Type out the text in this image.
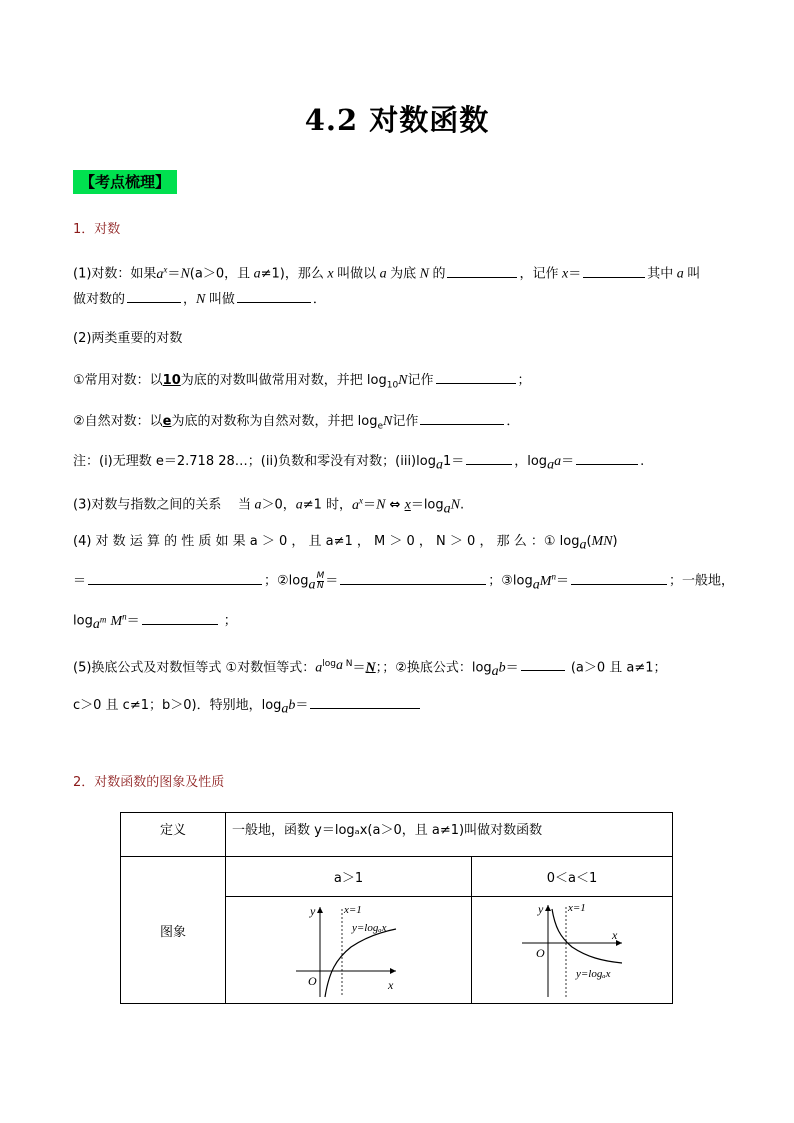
4.2 对数函数
【考点梳理】
1．对数
(1)对数：如果$a^x=N(a>0$，且 a≠1)，那么 x 叫做以 a 为底 N 的	，记作 x＝	其中 a 叫
做对数的	，N 叫做	．
(2)两类重要的对数
①常用对数：以10为底的对数叫做常用对数，并把 $\log_{10}N$记作	；
②自然对数：以e为底的对数称为自然对数，并把 $\log_eN$记作	．
注：(i)无理数 e＝2.718 28…；(ii)负数和零没有对数；$(iii)\log_a1=$	，$\log_aa=$	.
(3)对数与指数之间的关系 当 a＞0，a≠1 时，$a^x=N$ ⇔ $x=\log_aN$.
(4) 对 数 运 算 的 性 质 如 果 a ＞ 0 ， 且 a≠1 ， M ＞ 0 ， N ＞ 0 ， 那 么 ：① $\log_a(MN)$
＝	；$②\log_a \frac{M}{N}$ ＝	；$③\log_aM^n=$	；一般地，
$\log_{a^m} M^n=$	；
(5)换底公式及对数恒等式 ①对数恒等式：$a^{log_a N}=N$；；②换底公式：$\log_ab=$	(a＞0 且 a≠1；
c＞0 且 c≠1；b＞0)．特别地，$\log_ab=$
2．对数函数的图象及性质
定义	一般地，函数 y＝logₐx(a＞0，且 a≠1)叫做对数函数	
图象	a＞1	0＜a＜1

y
x
O
x=1
y=logₐx	y
x
O
x=1
y=logₐx
